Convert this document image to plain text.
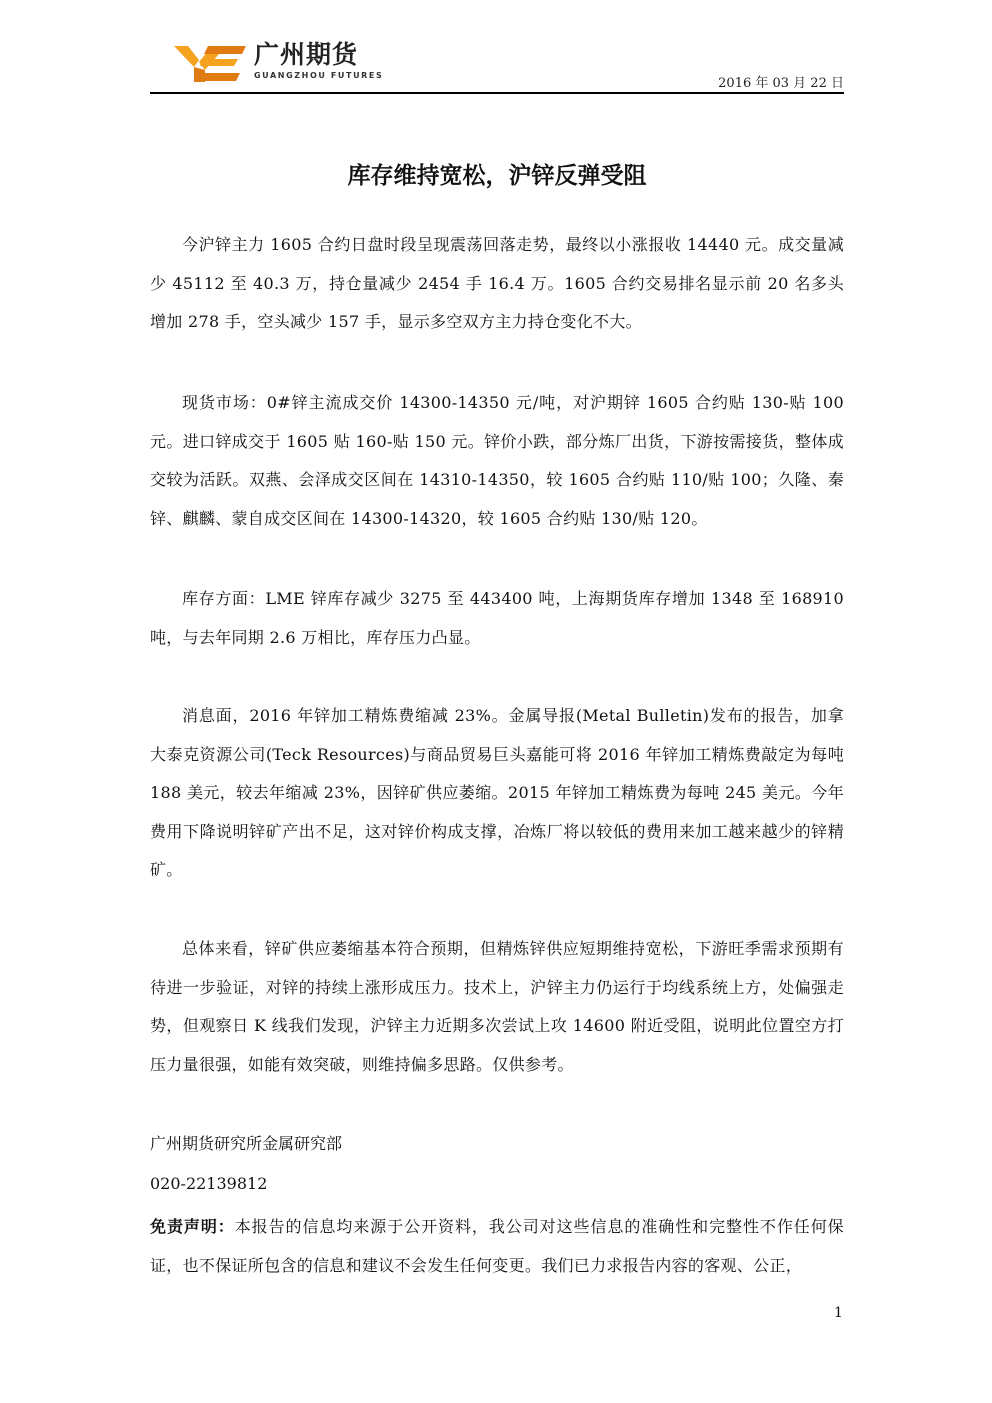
广州期货
GUANGZHOU FUTURES
2016 年 03 月 22 日
库存维持宽松，沪锌反弹受阻

今沪锌主力 1605 合约日盘时段呈现震荡回落走势，最终以小涨报收 14440 元。成交量减少 45112 至 40.3 万，持仓量减少 2454 手 16.4 万。1605 合约交易排名显示前 20 名多头增加 278 手，空头减少 157 手，显示多空双方主力持仓变化不大。

现货市场：0#锌主流成交价 14300-14350 元/吨，对沪期锌 1605 合约贴 130-贴 100 元。进口锌成交于 1605 贴 160-贴 150 元。锌价小跌，部分炼厂出货，下游按需接货，整体成交较为活跃。双燕、会泽成交区间在 14310-14350，较 1605 合约贴 110/贴 100；久隆、秦锌、麒麟、蒙自成交区间在 14300-14320，较 1605 合约贴 130/贴 120。

库存方面：LME 锌库存减少 3275 至 443400 吨，上海期货库存增加 1348 至 168910 吨，与去年同期 2.6 万相比，库存压力凸显。

消息面，2016 年锌加工精炼费缩减 23%。金属导报(Metal Bulletin)发布的报告，加拿大泰克资源公司(Teck Resources)与商品贸易巨头嘉能可将 2016 年锌加工精炼费敲定为每吨 188 美元，较去年缩减 23%，因锌矿供应萎缩。2015 年锌加工精炼费为每吨 245 美元。今年费用下降说明锌矿产出不足，这对锌价构成支撑，冶炼厂将以较低的费用来加工越来越少的锌精矿。

总体来看，锌矿供应萎缩基本符合预期，但精炼锌供应短期维持宽松，下游旺季需求预期有待进一步验证，对锌的持续上涨形成压力。技术上，沪锌主力仍运行于均线系统上方，处偏强走势，但观察日 K 线我们发现，沪锌主力近期多次尝试上攻 14600 附近受阻，说明此位置空方打压力量很强，如能有效突破，则维持偏多思路。仅供参考。

广州期货研究所金属研究部

020-22139812

免责声明：本报告的信息均来源于公开资料，我公司对这些信息的准确性和完整性不作任何保证，也不保证所包含的信息和建议不会发生任何变更。我们已力求报告内容的客观、公正，

1
